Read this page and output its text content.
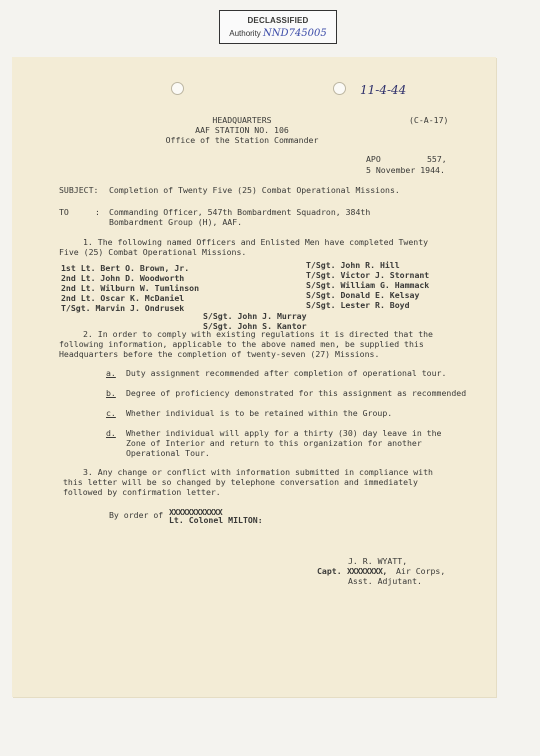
DECLASSIFIED
Authority NND745005
11-4-44
HEADQUARTERS
AAF STATION NO. 106
Office of the Station Commander
(C-A-17)
APO	557,
5 November 1944.
SUBJECT: Completion of Twenty Five (25) Combat Operational Missions.
TO	: Commanding Officer, 547th Bombardment Squadron, 384th
Bombardment Group (H), AAF.
1. The following named Officers and Enlisted Men have completed Twenty
Five (25) Combat Operational Missions.
1st Lt. Bert O. Brown, Jr.
2nd Lt. John D. Woodworth
2nd Lt. Wilburn W. Tumlinson
2nd Lt. Oscar K. McDaniel
T/Sgt. Marvin J. Ondrusek
T/Sgt. John R. Hill
T/Sgt. Victor J. Stornant
S/Sgt. William G. Hammack
S/Sgt. Donald E. Kelsay
S/Sgt. Lester R. Boyd
S/Sgt. John J. Murray
S/Sgt. John S. Kantor
2. In order to comply with existing regulations it is directed that the
following information, applicable to the above named men, be supplied this
Headquarters before the completion of twenty-seven (27) Missions.
a. Duty assignment recommended after completion of operational tour.
b. Degree of proficiency demonstrated for this assignment as recommended
c. Whether individual is to be retained within the Group.
d. Whether individual will apply for a thirty (30) day leave in the
Zone of Interior and return to this organization for another
Operational Tour.
3. Any change or conflict with information submitted in compliance with
this letter will be so changed by telephone conversation and immediately
followed by confirmation letter.
By order of XXXXXXXXXXXX
Lt. Colonel MILTON:
J. R. WYATT,
Capt. XXXXXXXX, Air Corps,
Asst. Adjutant.
